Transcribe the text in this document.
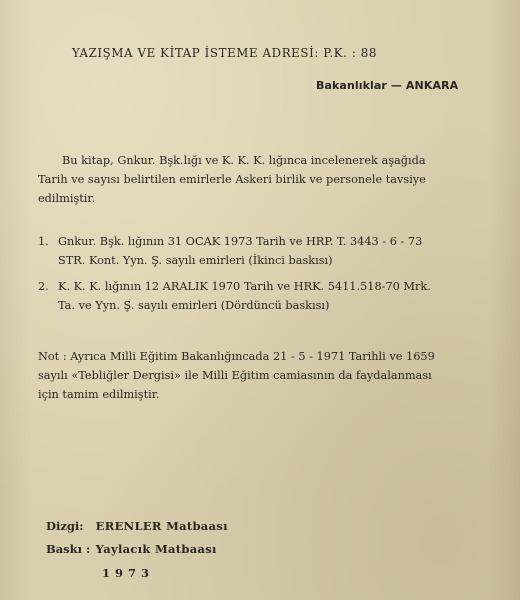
YAZIŞMA VE KİTAP İSTEME ADRESİ: P.K. : 88
Bakanlıklar — ANKARA
Bu kitap, Gnkur. Bşk.lığı ve K. K. K. lığınca incelenerek aşağıda
Tarih ve sayısı belirtilen emirlerle Askeri birlik ve personele tavsiye
edilmiştir.
1. Gnkur. Bşk. lığının 31 OCAK 1973 Tarih ve HRP. T. 3443 - 6 - 73
STR. Kont. Yyn. Ş. sayılı emirleri (İkinci baskısı)
2. K. K. K. lığının 12 ARALIK 1970 Tarih ve HRK. 5411.518-70 Mrk.
Ta. ve Yyn. Ş. sayılı emirleri (Dördüncü baskısı)
Not : Ayrıca Milli Eğitim Bakanlığıncada 21 - 5 - 1971 Tarihli ve 1659
sayılı «Tebliğler Dergisi» ile Milli Eğitim camiasının da faydalanması
için tamim edilmiştir.
Dizgi: ERENLER Matbaası
Baskı : Yaylacık Matbaası
1973
